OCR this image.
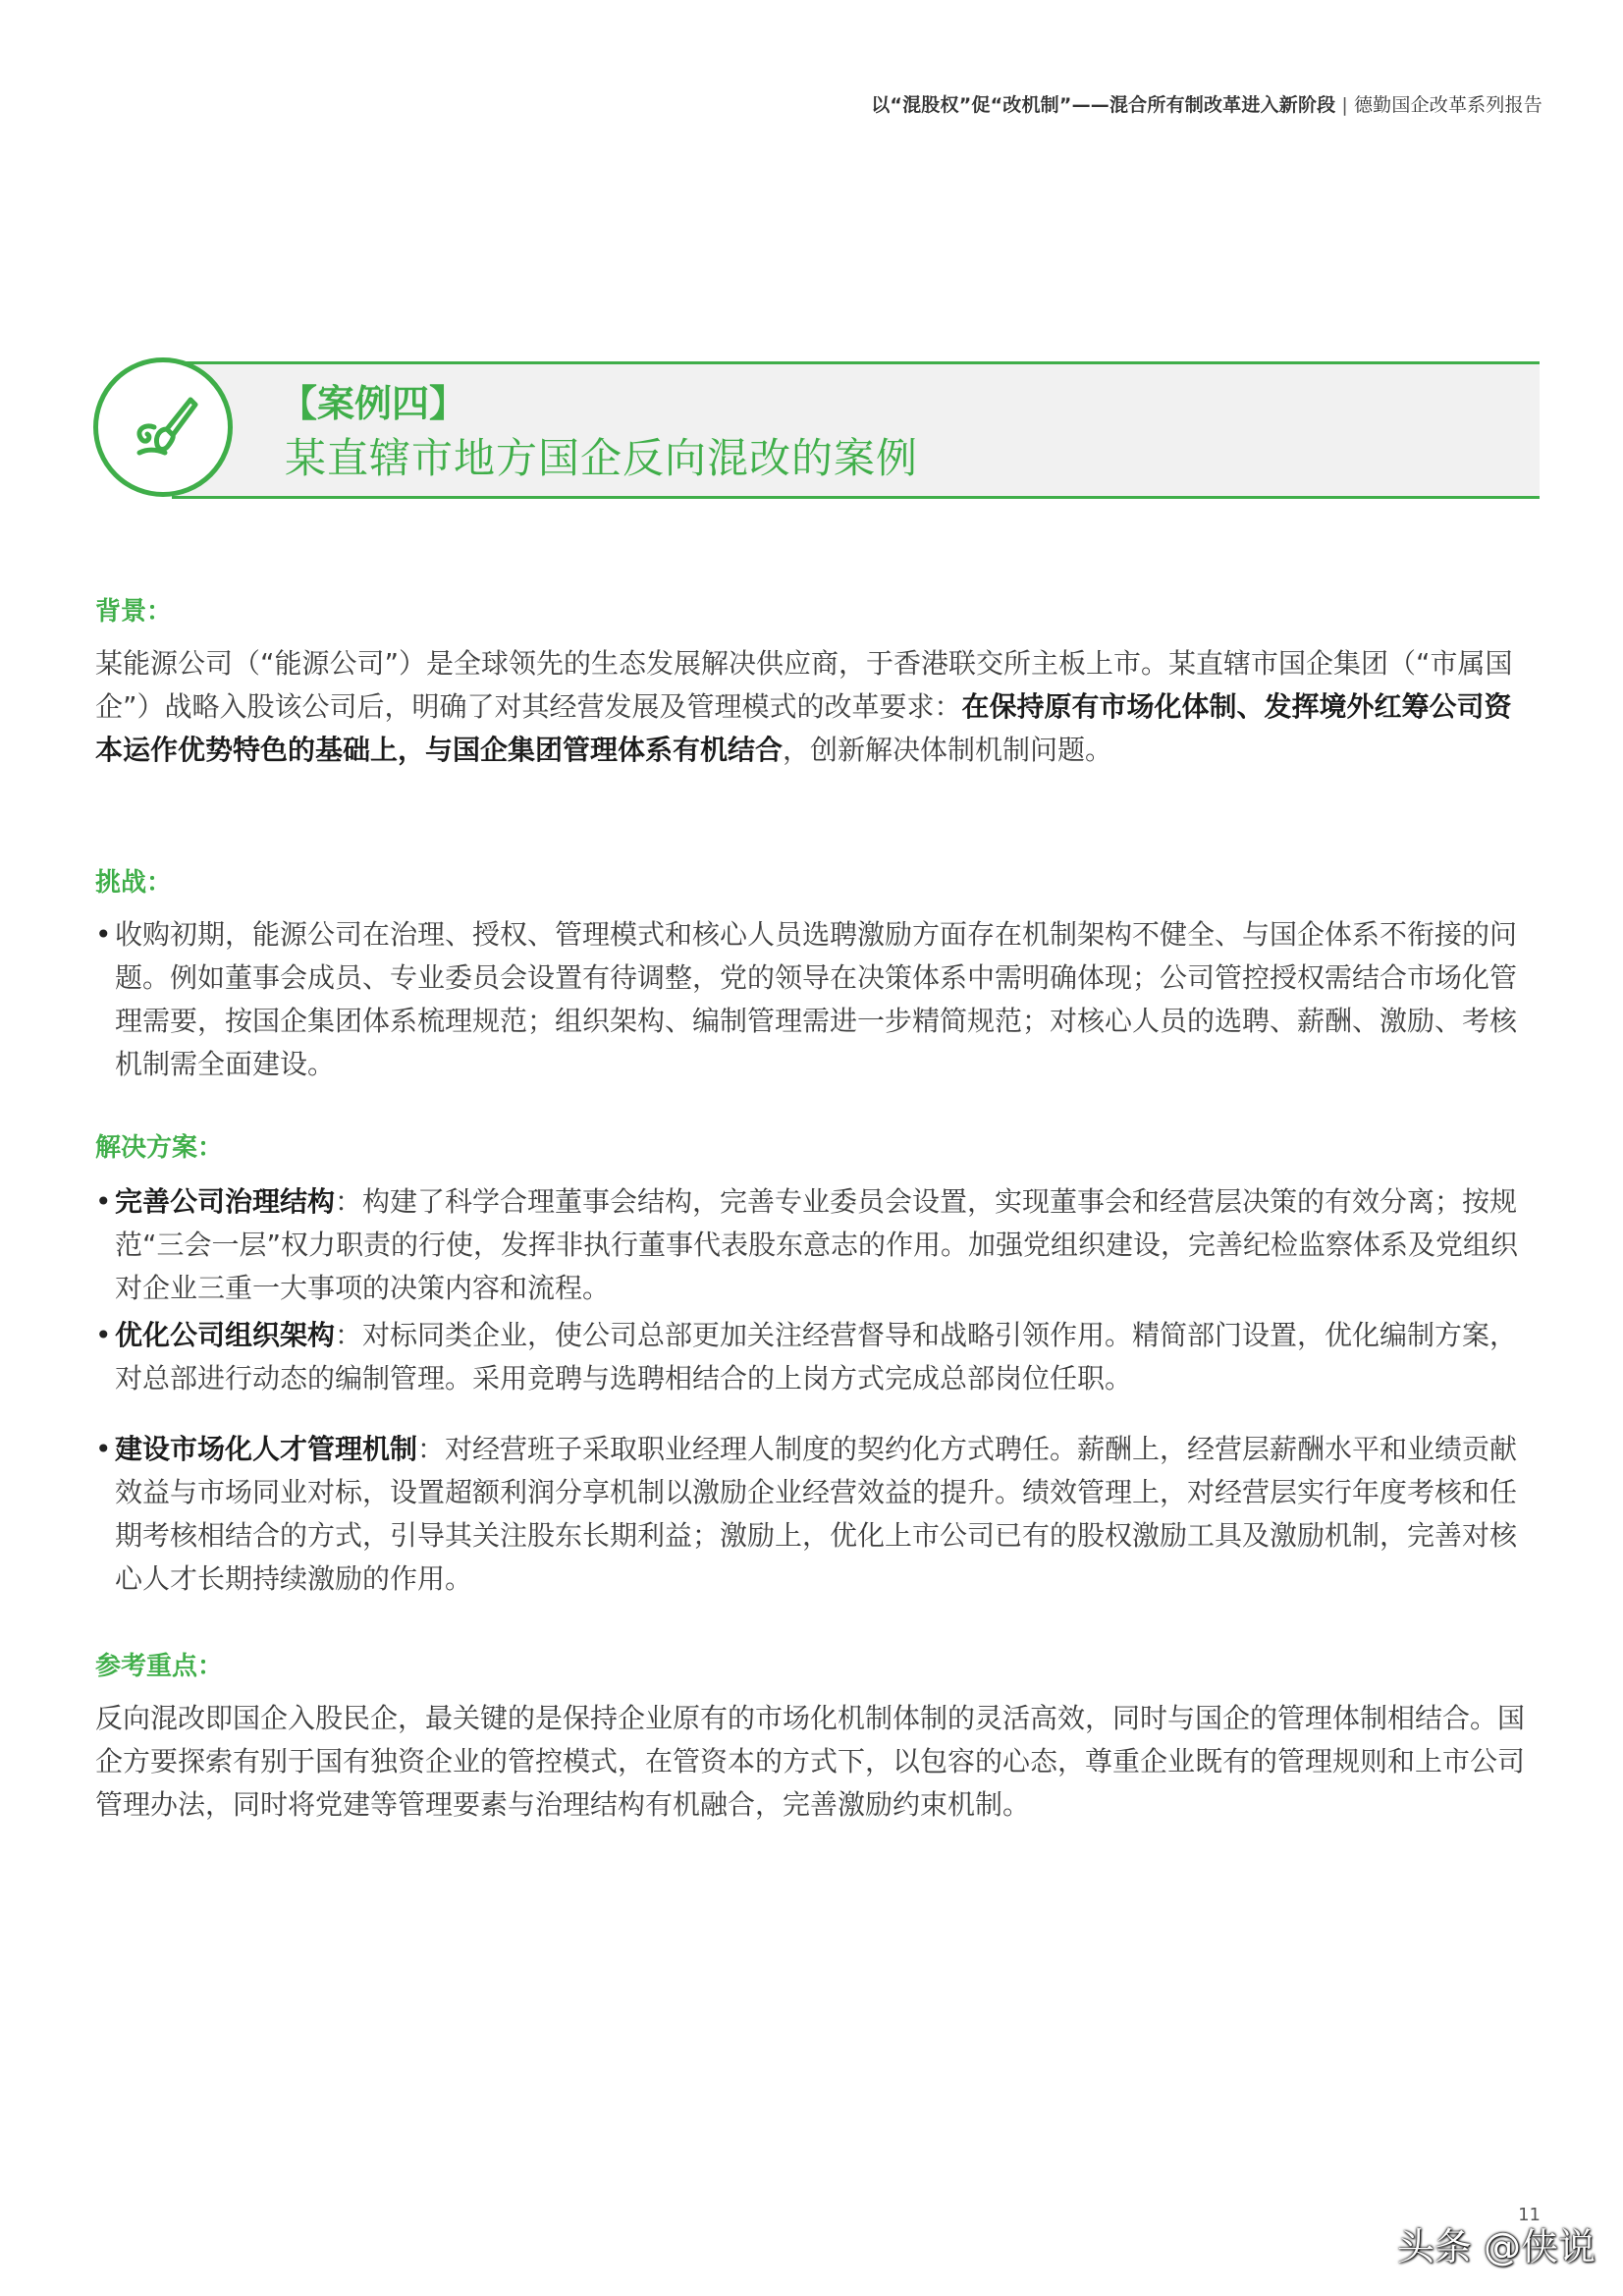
以“混股权”促“改机制”——混合所有制改革进入新阶段 | 德勤国企改革系列报告
【案例四】
某直辖市地方国企反向混改的案例

背景：

某能源公司（“能源公司”）是全球领先的生态发展解决供应商，于香港联交所主板上市。某直辖市国企集团（“市属国企”）战略入股该公司后，明确了对其经营发展及管理模式的改革要求：在保持原有市场化体制、发挥境外红筹公司资本运作优势特色的基础上，与国企集团管理体系有机结合，创新解决体制机制问题。

挑战：

• 收购初期，能源公司在治理、授权、管理模式和核心人员选聘激励方面存在机制架构不健全、与国企体系不衔接的问题。例如董事会成员、专业委员会设置有待调整，党的领导在决策体系中需明确体现；公司管控授权需结合市场化管理需要，按国企集团体系梳理规范；组织架构、编制管理需进一步精简规范；对核心人员的选聘、薪酬、激励、考核机制需全面建设。

解决方案：

• 完善公司治理结构：构建了科学合理董事会结构，完善专业委员会设置，实现董事会和经营层决策的有效分离；按规范“三会一层”权力职责的行使，发挥非执行董事代表股东意志的作用。加强党组织建设，完善纪检监察体系及党组织对企业三重一大事项的决策内容和流程。

• 优化公司组织架构：对标同类企业，使公司总部更加关注经营督导和战略引领作用。精简部门设置，优化编制方案，对总部进行动态的编制管理。采用竞聘与选聘相结合的上岗方式完成总部岗位任职。

• 建设市场化人才管理机制：对经营班子采取职业经理人制度的契约化方式聘任。薪酬上，经营层薪酬水平和业绩贡献效益与市场同业对标，设置超额利润分享机制以激励企业经营效益的提升。绩效管理上，对经营层实行年度考核和任期考核相结合的方式，引导其关注股东长期利益；激励上，优化上市公司已有的股权激励工具及激励机制，完善对核心人才长期持续激励的作用。

参考重点：

反向混改即国企入股民企，最关键的是保持企业原有的市场化机制体制的灵活高效，同时与国企的管理体制相结合。国企方要探索有别于国有独资企业的管控模式，在管资本的方式下，以包容的心态，尊重企业既有的管理规则和上市公司管理办法，同时将党建等管理要素与治理结构有机融合，完善激励约束机制。

11
头条 @侠说
